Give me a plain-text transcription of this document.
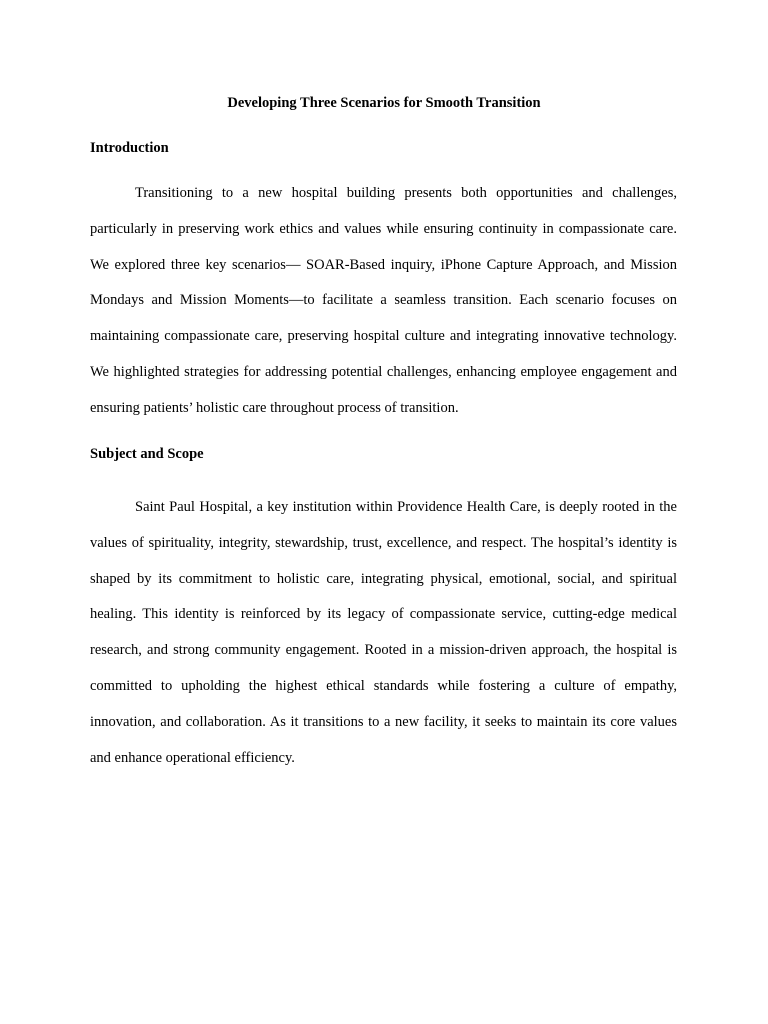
Developing Three Scenarios for Smooth Transition
Introduction

Transitioning to a new hospital building presents both opportunities and challenges, particularly in preserving work ethics and values while ensuring continuity in compassionate care. We explored three key scenarios— SOAR-Based inquiry, iPhone Capture Approach, and Mission Mondays and Mission Moments—to facilitate a seamless transition. Each scenario focuses on maintaining compassionate care, preserving hospital culture and integrating innovative technology. We highlighted strategies for addressing potential challenges, enhancing employee engagement and ensuring patients’ holistic care throughout process of transition.

Subject and Scope

Saint Paul Hospital, a key institution within Providence Health Care, is deeply rooted in the values of spirituality, integrity, stewardship, trust, excellence, and respect. The hospital’s identity is shaped by its commitment to holistic care, integrating physical, emotional, social, and spiritual healing. This identity is reinforced by its legacy of compassionate service, cutting-edge medical research, and strong community engagement. Rooted in a mission-driven approach, the hospital is committed to upholding the highest ethical standards while fostering a culture of empathy, innovation, and collaboration. As it transitions to a new facility, it seeks to maintain its core values and enhance operational efficiency.
